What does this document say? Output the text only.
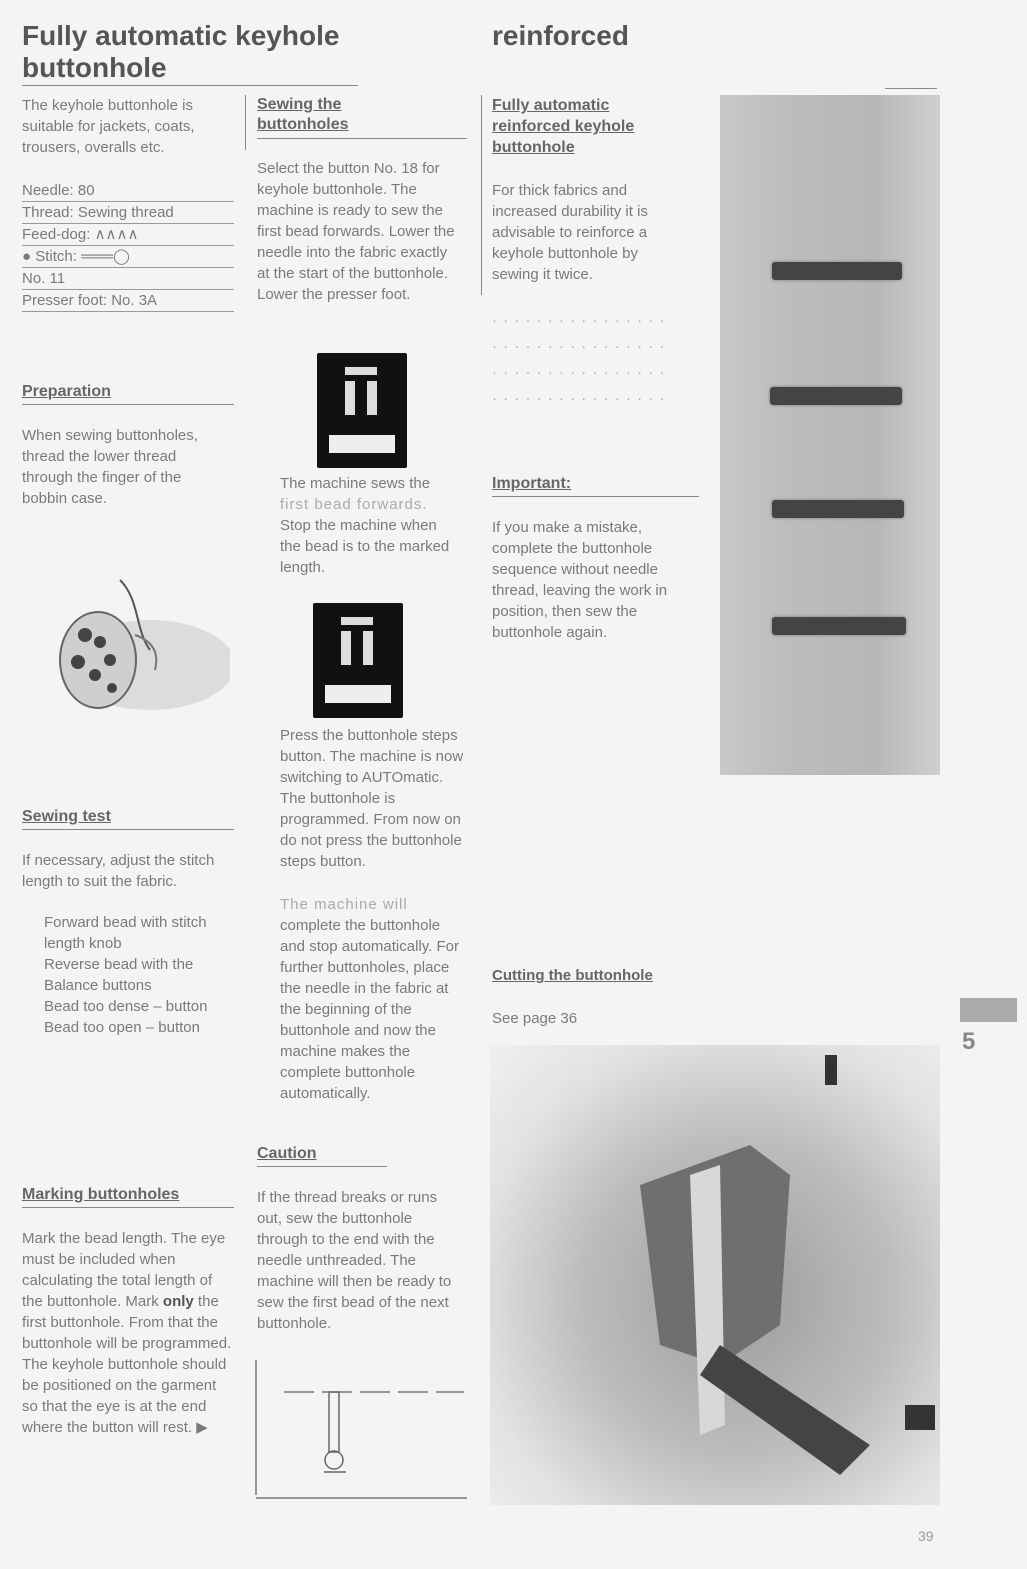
Fully automatic keyhole
buttonhole
The keyhole buttonhole is suitable for jackets, coats, trousers, overalls etc.
Needle: 80
Thread: Sewing thread
Feed-dog: ∧∧∧∧
● Stitch: ═══◯
No. 11
Presser foot: No. 3A
Preparation
When sewing buttonholes, thread the lower thread through the finger of the bobbin case.
Sewing test
If necessary, adjust the stitch length to suit the fabric.

Forward bead with stitch length knob

Reverse bead with the Balance buttons

Bead too dense – button

Bead too open – button

Marking buttonholes
Mark the bead length. The eye must be included when calculating the total length of the buttonhole. Mark only the first buttonhole. From that the buttonhole will be programmed. The keyhole buttonhole should be positioned on the garment so that the eye is at the end where the button will rest. ▶
Sewing the
buttonholes
Select the button No. 18 for keyhole buttonhole. The machine is ready to sew the first bead forwards. Lower the needle into the fabric exactly at the start of the buttonhole. Lower the presser foot.

The machine sews the

first bead forwards.

Stop the machine when the bead is to the marked length.
Press the buttonhole steps button. The machine is now switching to AUTOmatic. The buttonhole is programmed. From now on do not press the buttonhole steps button.
The machine will
complete the buttonhole and stop automatically. For further buttonholes, place the needle in the fabric at the beginning of the buttonhole and now the machine makes the complete buttonhole automatically.
Caution
If the thread breaks or runs out, sew the buttonhole through to the end with the needle unthreaded. The machine will then be ready to sew the first bead of the next buttonhole.
reinforced
Fully automatic
reinforced keyhole
buttonhole
For thick fabrics and increased durability it is advisable to reinforce a keyhole buttonhole by sewing it twice.

· · · · · · · · · · · · · · · ·

· · · · · · · · · · · · · · · ·

· · · · · · · · · · · · · · · ·

· · · · · · · · · · · · · · · ·

Important:

If you make a mistake, complete the buttonhole sequence without needle thread, leaving the work in position, then sew the

buttonhole again.

Cutting the buttonhole
See page 36
5
39
